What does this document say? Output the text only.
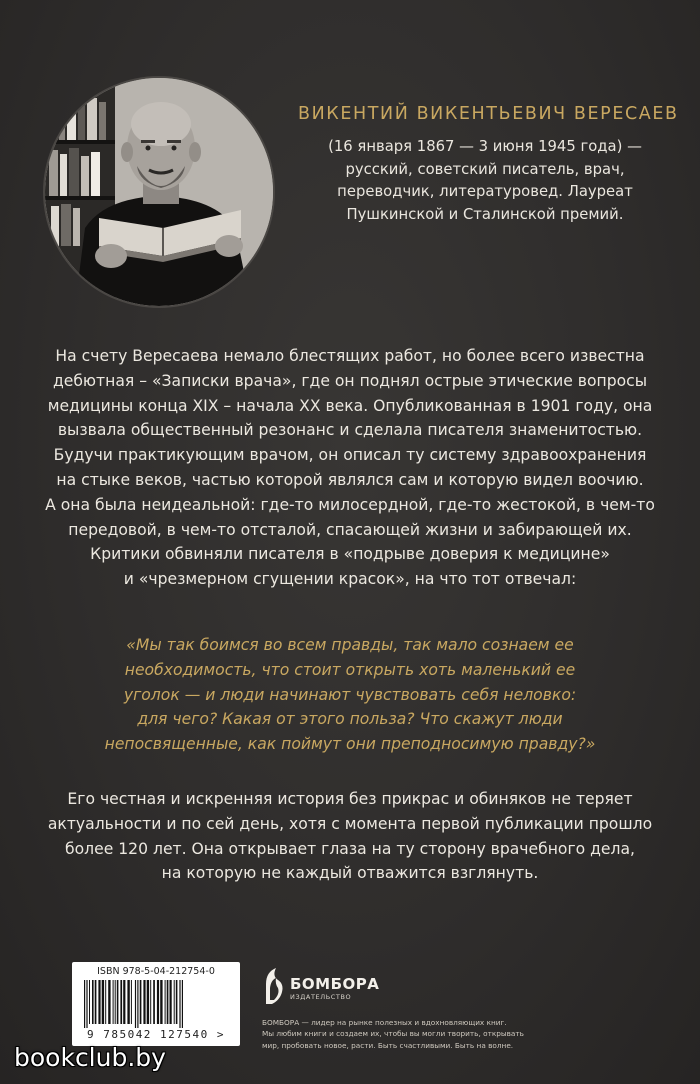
ВИКЕНТИЙ ВИКЕНТЬЕВИЧ ВЕРЕСАЕВ

(16 января 1867 — 3 июня 1945 года) —
русский, советский писатель, врач,
переводчик, литературовед. Лауреат
Пушкинской и Сталинской премий.

На счету Вересаева немало блестящих работ, но более всего известна
дебютная – «Записки врача», где он поднял острые этические вопросы
медицины конца XIX – начала XX века. Опубликованная в 1901 году, она
вызвала общественный резонанс и сделала писателя знаменитостью.
Будучи практикующим врачом, он описал ту систему здравоохранения
на стыке веков, частью которой являлся сам и которую видел воочию.
А она была неидеальной: где-то милосердной, где-то жестокой, в чем-то
передовой, в чем-то отсталой, спасающей жизни и забирающей их.
Критики обвиняли писателя в «подрыве доверия к медицине»
и «чрезмерном сгущении красок», на что тот отвечал:

«Мы так боимся во всем правды, так мало сознаем ее
необходимость, что стоит открыть хоть маленький ее
уголок — и люди начинают чувствовать себя неловко:
для чего? Какая от этого польза? Что скажут люди
непосвященные, как поймут они преподносимую правду?»

Его честная и искренняя история без прикрас и обиняков не теряет
актуальности и по сей день, хотя с момента первой публикации прошло
более 120 лет. Она открывает глаза на ту сторону врачебного дела,
на которую не каждый отважится взглянуть.

ISBN 978-5-04-212754-0
9 785042 127540 >
БОМБОРА
ИЗДАТЕЛЬСТВО

БОМБОРА — лидер на рынке полезных и вдохновляющих книг.
Мы любим книги и создаем их, чтобы вы могли творить, открывать
мир, пробовать новое, расти. Быть счастливыми. Быть на волне.

bookclub.by
